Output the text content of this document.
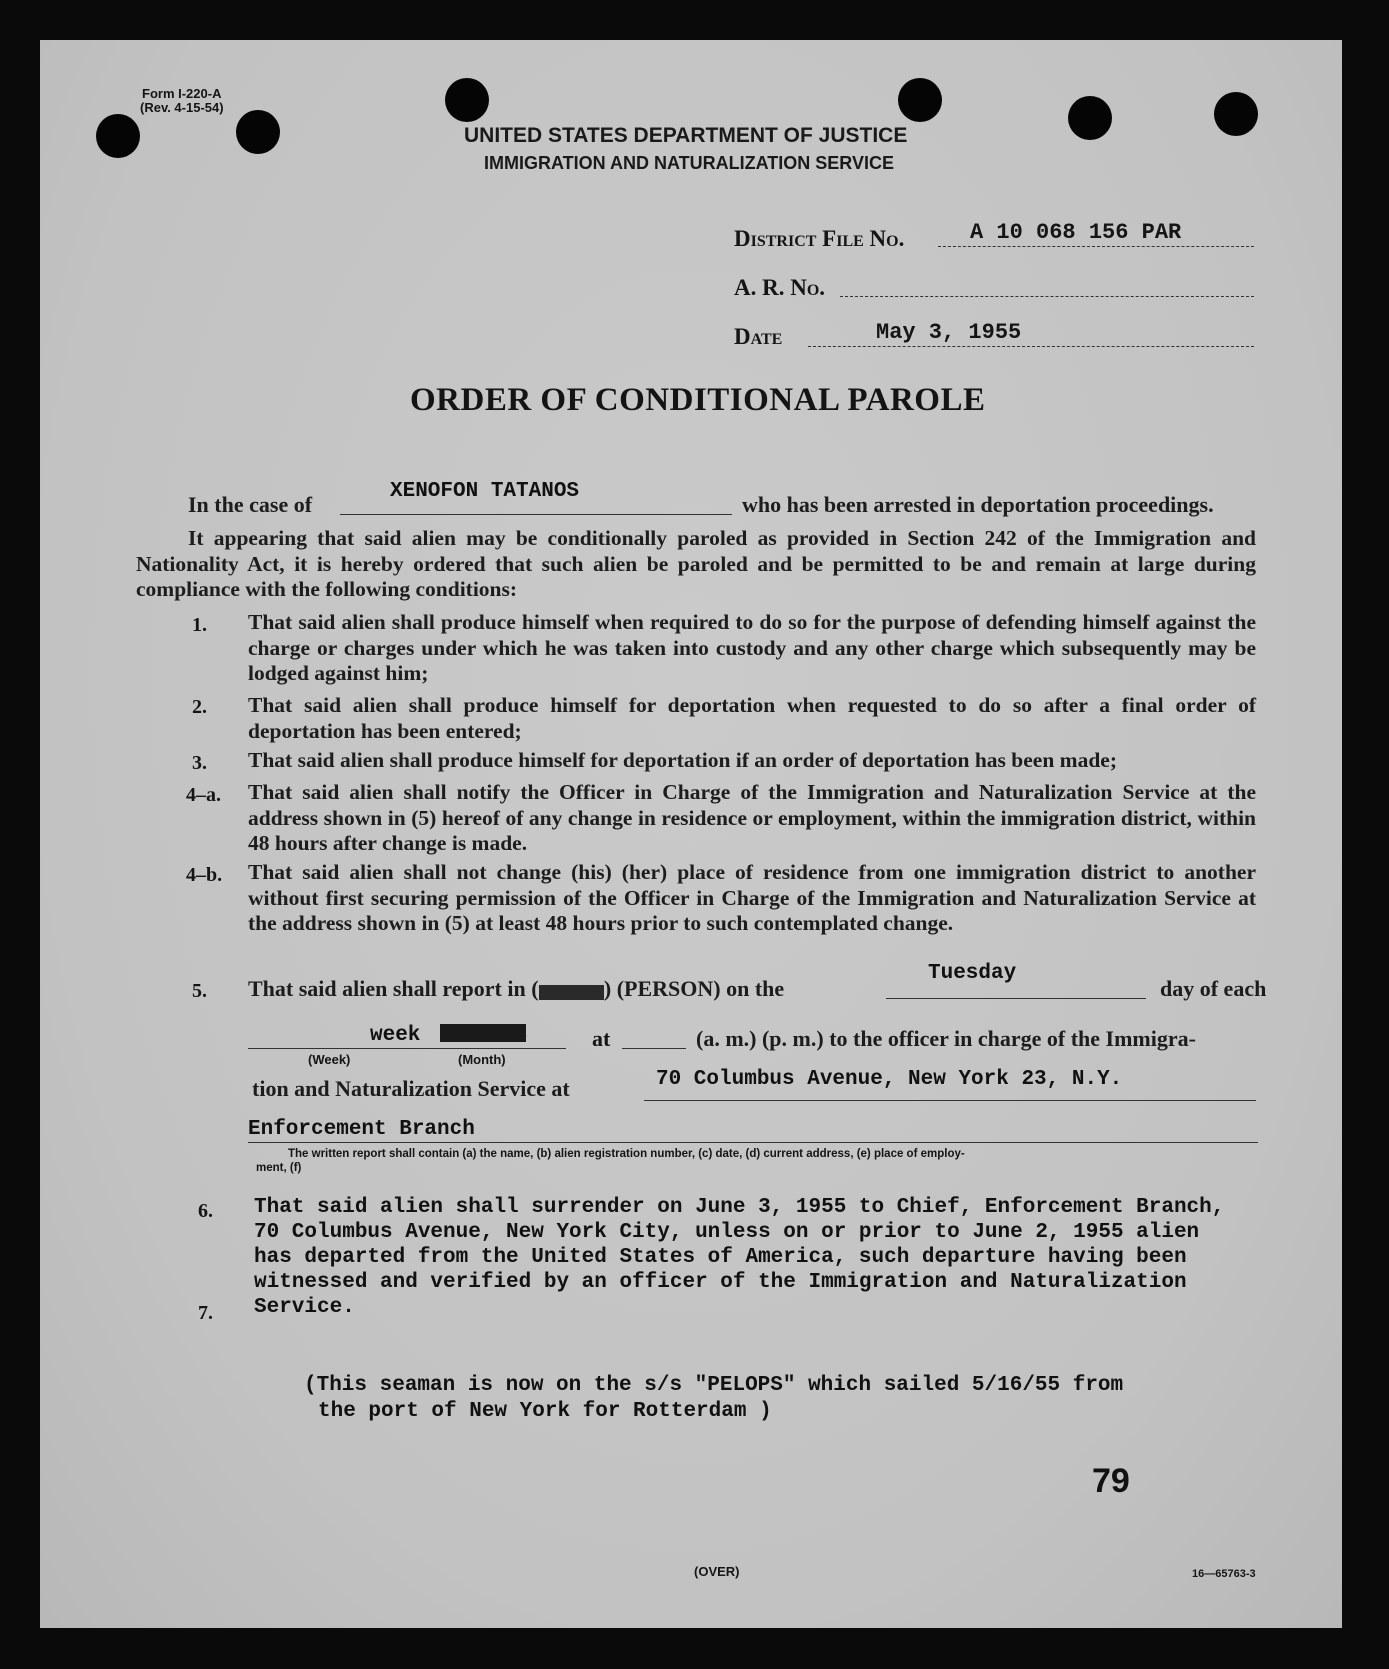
Form I-220-A
(Rev. 4-15-54)
UNITED STATES DEPARTMENT OF JUSTICE
IMMIGRATION AND NATURALIZATION SERVICE
District File No.	A 10 068 156 PAR
A. R. No.
Date	May 3, 1955
ORDER OF CONDITIONAL PAROLE
In the case of
XENOFON TATANOS
who has been arrested in deportation proceedings.
It appearing that said alien may be conditionally paroled as provided in Section 242 of the Immigration and Nationality Act, it is hereby ordered that such alien be paroled and be permitted to be and remain at large during compliance with the following conditions:
1. That said alien shall produce himself when required to do so for the purpose of defending himself against the charge or charges under which he was taken into custody and any other charge which subsequently may be lodged against him;
2. That said alien shall produce himself for deportation when requested to do so after a final order of deportation has been entered;
3. That said alien shall produce himself for deportation if an order of deportation has been made;
4–a. That said alien shall notify the Officer in Charge of the Immigration and Naturalization Service at the address shown in (5) hereof of any change in residence or employment, within the immigration district, within 48 hours after change is made.
4–b. That said alien shall not change (his) (her) place of residence from one immigration district to another without first securing permission of the Officer in Charge of the Immigration and Naturalization Service at the address shown in (5) at least 48 hours prior to such contemplated change.
5. That said alien shall report in (WRITING) (PERSON) on the
Tuesday
day of each
week XXXXXXXXX	at	(a. m.) (p. m.) to the officer in charge of the Immigra-
(Week)	(Month)
tion and Naturalization Service at	70 Columbus Avenue, New York 23, N.Y.
Enforcement Branch
The written report shall contain (a) the name, (b) alien registration number, (c) date, (d) current address, (e) place of employ-
ment, (f)
6. That said alien shall surrender on June 3, 1955 to Chief, Enforcement Branch,
70 Columbus Avenue, New York City, unless on or prior to June 2, 1955 alien
has departed from the United States of America, such departure having been
witnessed and verified by an officer of the Immigration and Naturalization
Service.
7.
(This seaman is now on the s/s "PELOPS" which sailed 5/16/55 from
the port of New York for Rotterdam )
79
(OVER)	16—65763-3
